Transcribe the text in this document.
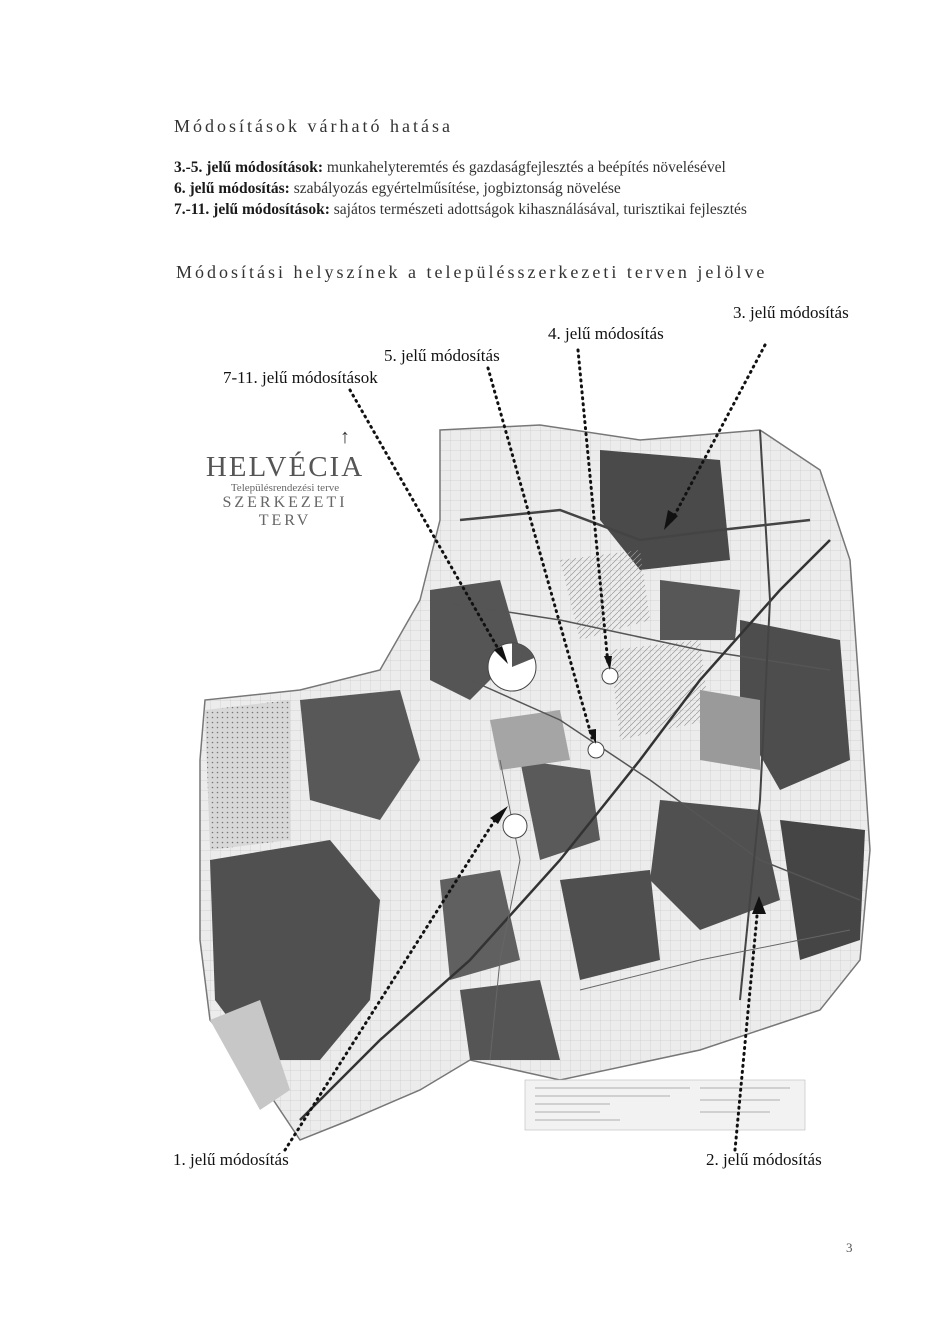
Módosítások várható hatása
3.-5. jelű módosítások: munkahelyteremtés és gazdaságfejlesztés a beépítés növelésével
6. jelű módosítás: szabályozás egyértelműsítése, jogbiztonság növelése
7.-11. jelű módosítások: sajátos természeti adottságok kihasználásával, turisztikai fejlesztés
Módosítási helyszínek a településszerkezeti terven jelölve
↑
HELVÉCIA
Településrendezési terve
SZERKEZETI TERV
3. jelű módosítás
4. jelű módosítás
5. jelű módosítás
7-11. jelű módosítások
1. jelű módosítás	2. jelű módosítás
3
